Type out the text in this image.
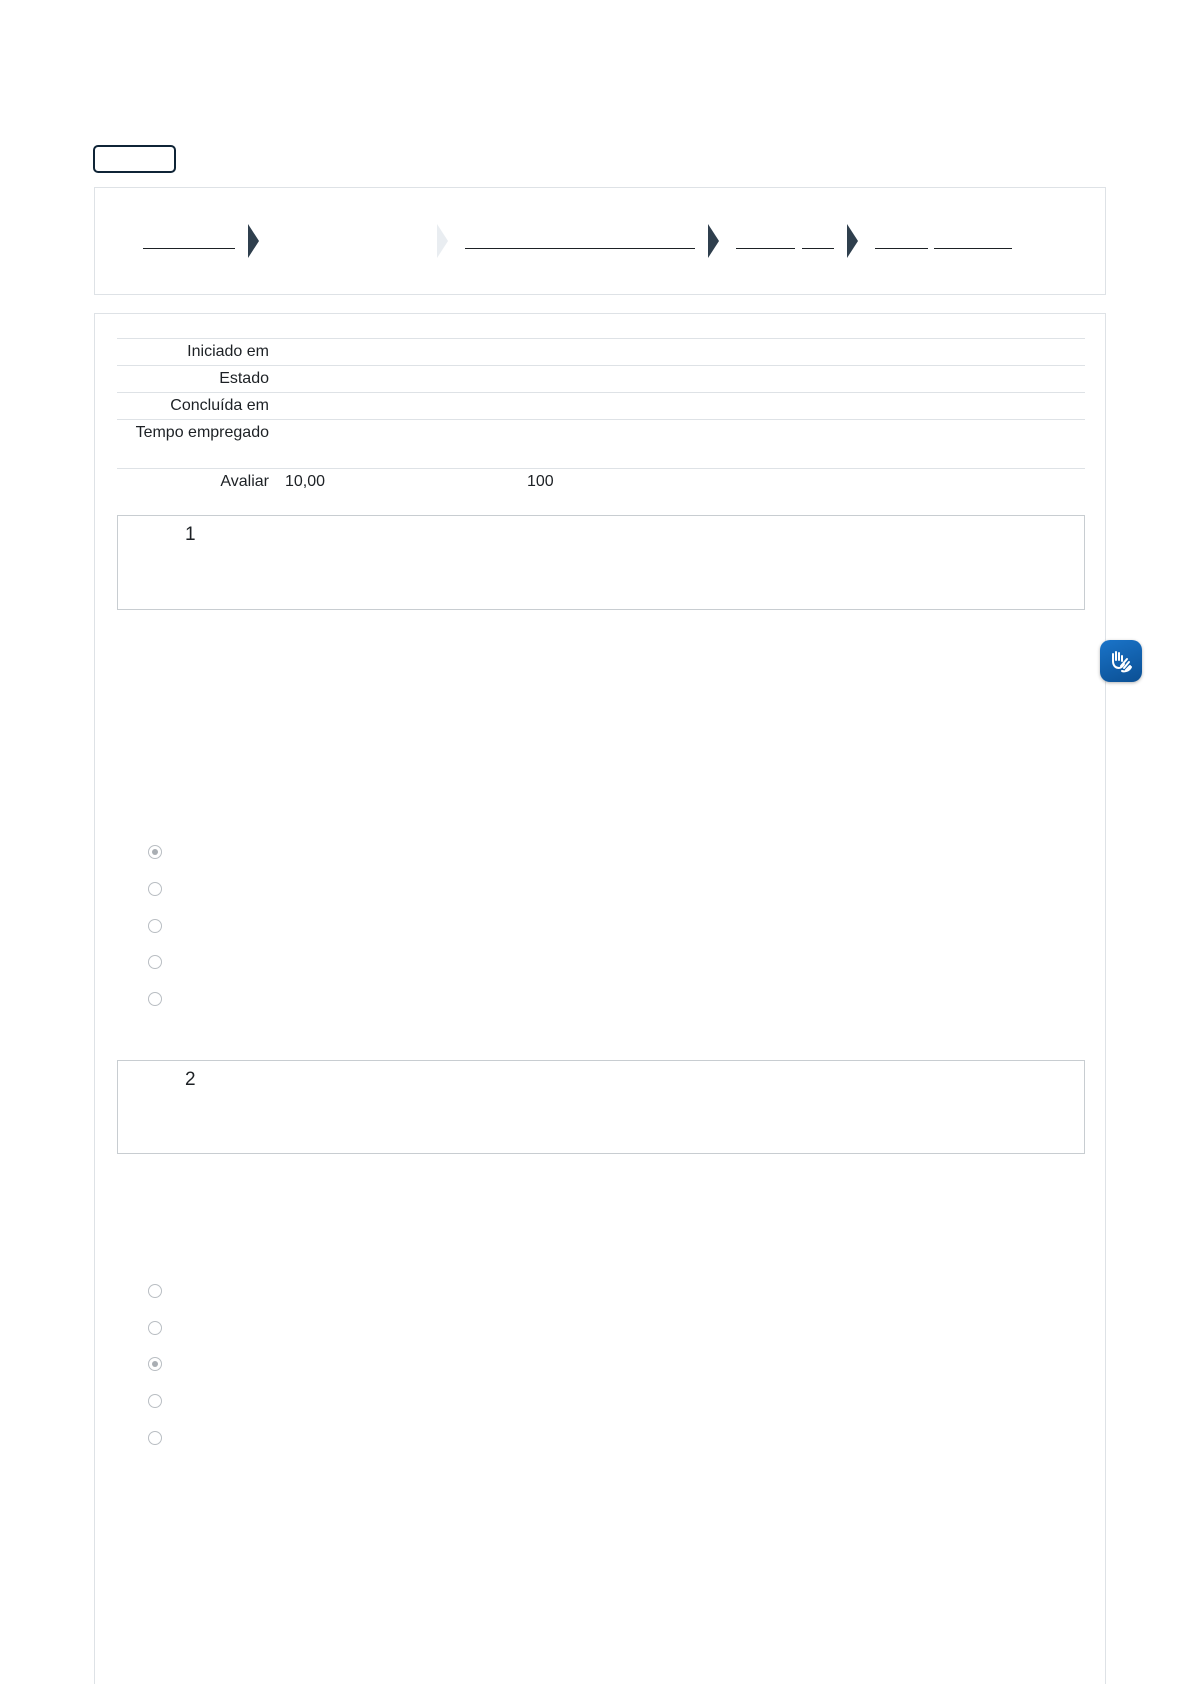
Iniciado em
Estado
Concluída em
Tempo empregado
Avaliar 10,00	100
1
2
